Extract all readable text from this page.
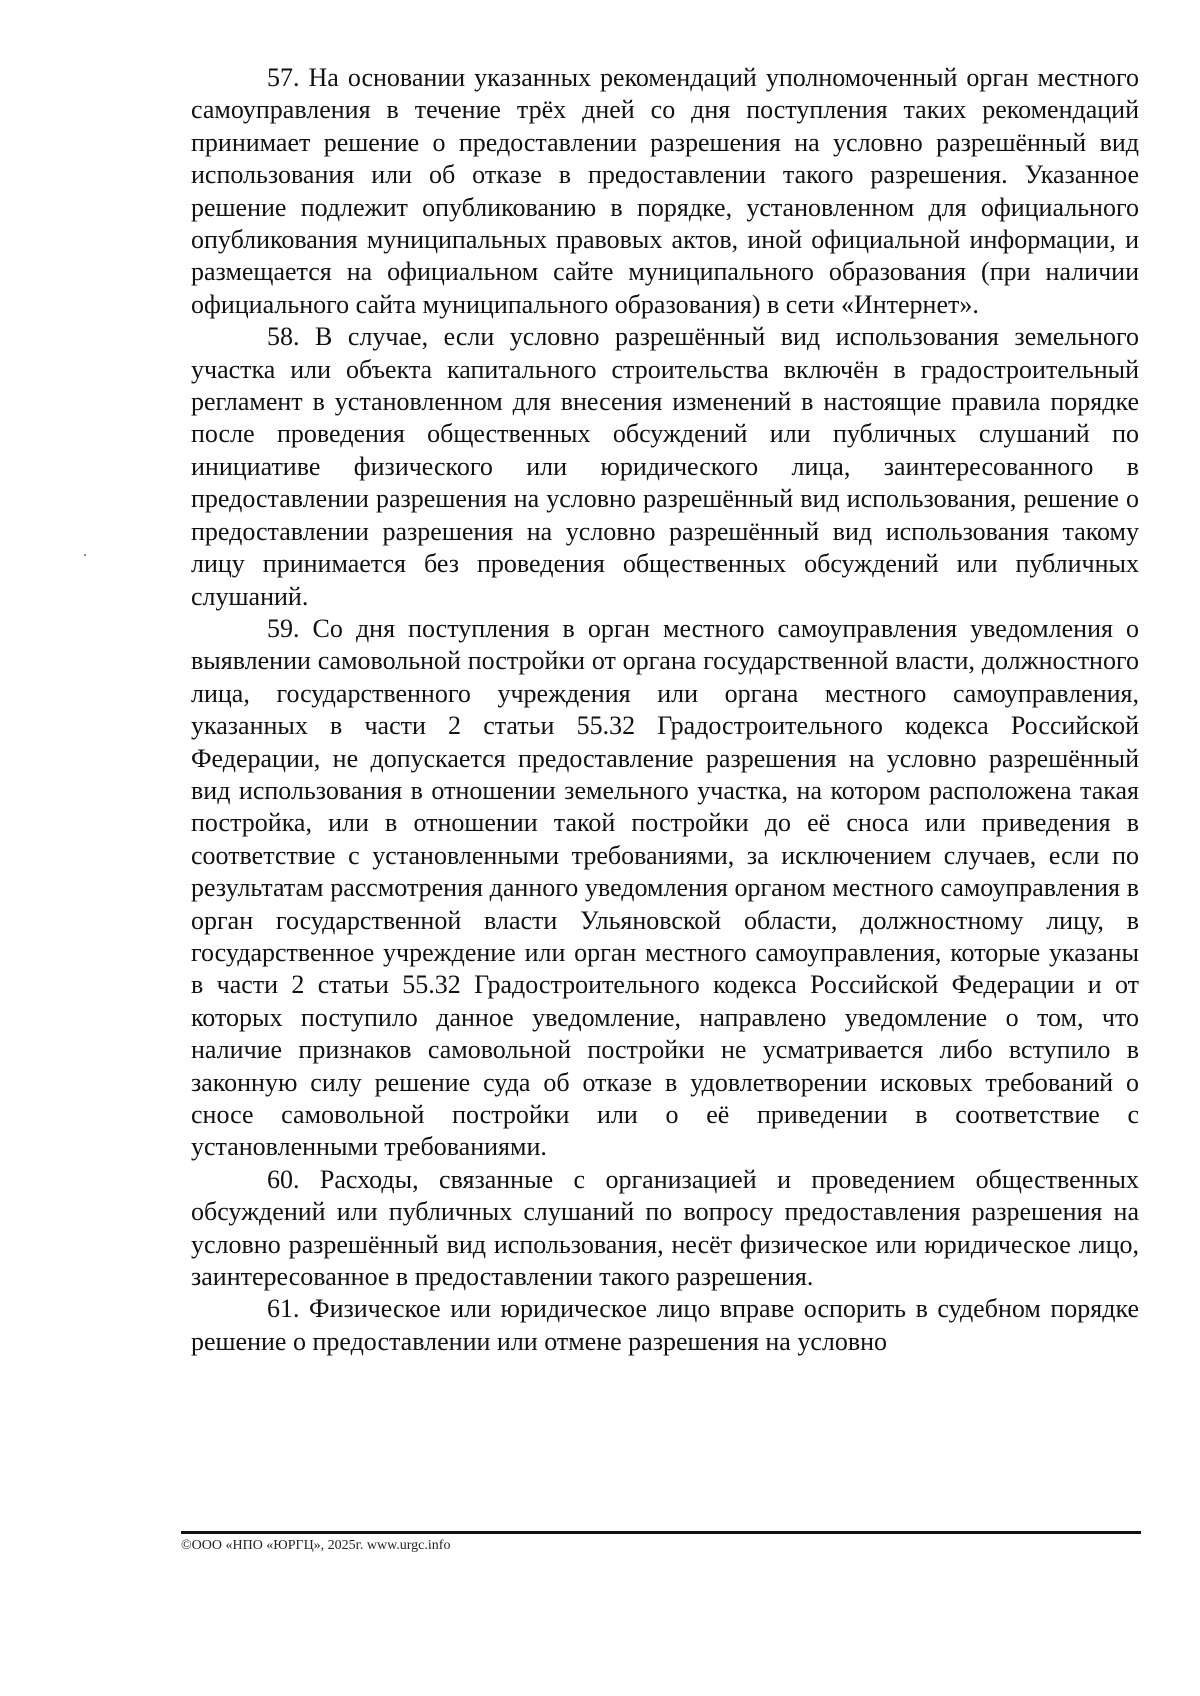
57. На основании указанных рекомендаций уполномоченный орган местного самоуправления в течение трёх дней со дня поступления таких рекомендаций принимает решение о предоставлении разрешения на условно разрешённый вид использования или об отказе в предоставлении такого разрешения. Указанное решение подлежит опубликованию в порядке, установленном для официального опубликования муниципальных правовых актов, иной официальной информации, и размещается на официальном сайте муниципального образования (при наличии официального сайта муниципального образования) в сети «Интернет».

58. В случае, если условно разрешённый вид использования земельного участка или объекта капитального строительства включён в градостроительный регламент в установленном для внесения изменений в настоящие правила порядке после проведения общественных обсуждений или публичных слушаний по инициативе физического или юридического лица, заинтересованного в предоставлении разрешения на условно разрешённый вид использования, решение о предоставлении разрешения на условно разрешённый вид использования такому лицу принимается без проведения общественных обсуждений или публичных слушаний.

59. Со дня поступления в орган местного самоуправления уведомления о выявлении самовольной постройки от органа государственной власти, должностного лица, государственного учреждения или органа местного самоуправления, указанных в части 2 статьи 55.32 Градостроительного кодекса Российской Федерации, не допускается предоставление разрешения на условно разрешённый вид использования в отношении земельного участка, на котором расположена такая постройка, или в отношении такой постройки до её сноса или приведения в соответствие с установленными требованиями, за исключением случаев, если по результатам рассмотрения данного уведомления органом местного самоуправления в орган государственной власти Ульяновской области, должностному лицу, в государственное учреждение или орган местного самоуправления, которые указаны в части 2 статьи 55.32 Градостроительного кодекса Российской Федерации и от которых поступило данное уведомление, направлено уведомление о том, что наличие признаков самовольной постройки не усматривается либо вступило в законную силу решение суда об отказе в удовлетворении исковых требований о сносе самовольной постройки или о её приведении в соответствие с установленными требованиями.

60. Расходы, связанные с организацией и проведением общественных обсуждений или публичных слушаний по вопросу предоставления разрешения на условно разрешённый вид использования, несёт физическое или юридическое лицо, заинтересованное в предоставлении такого разрешения.

61. Физическое или юридическое лицо вправе оспорить в судебном порядке решение о предоставлении или отмене разрешения на условно

©ООО «НПО «ЮРГЦ», 2025г. www.urgc.info
